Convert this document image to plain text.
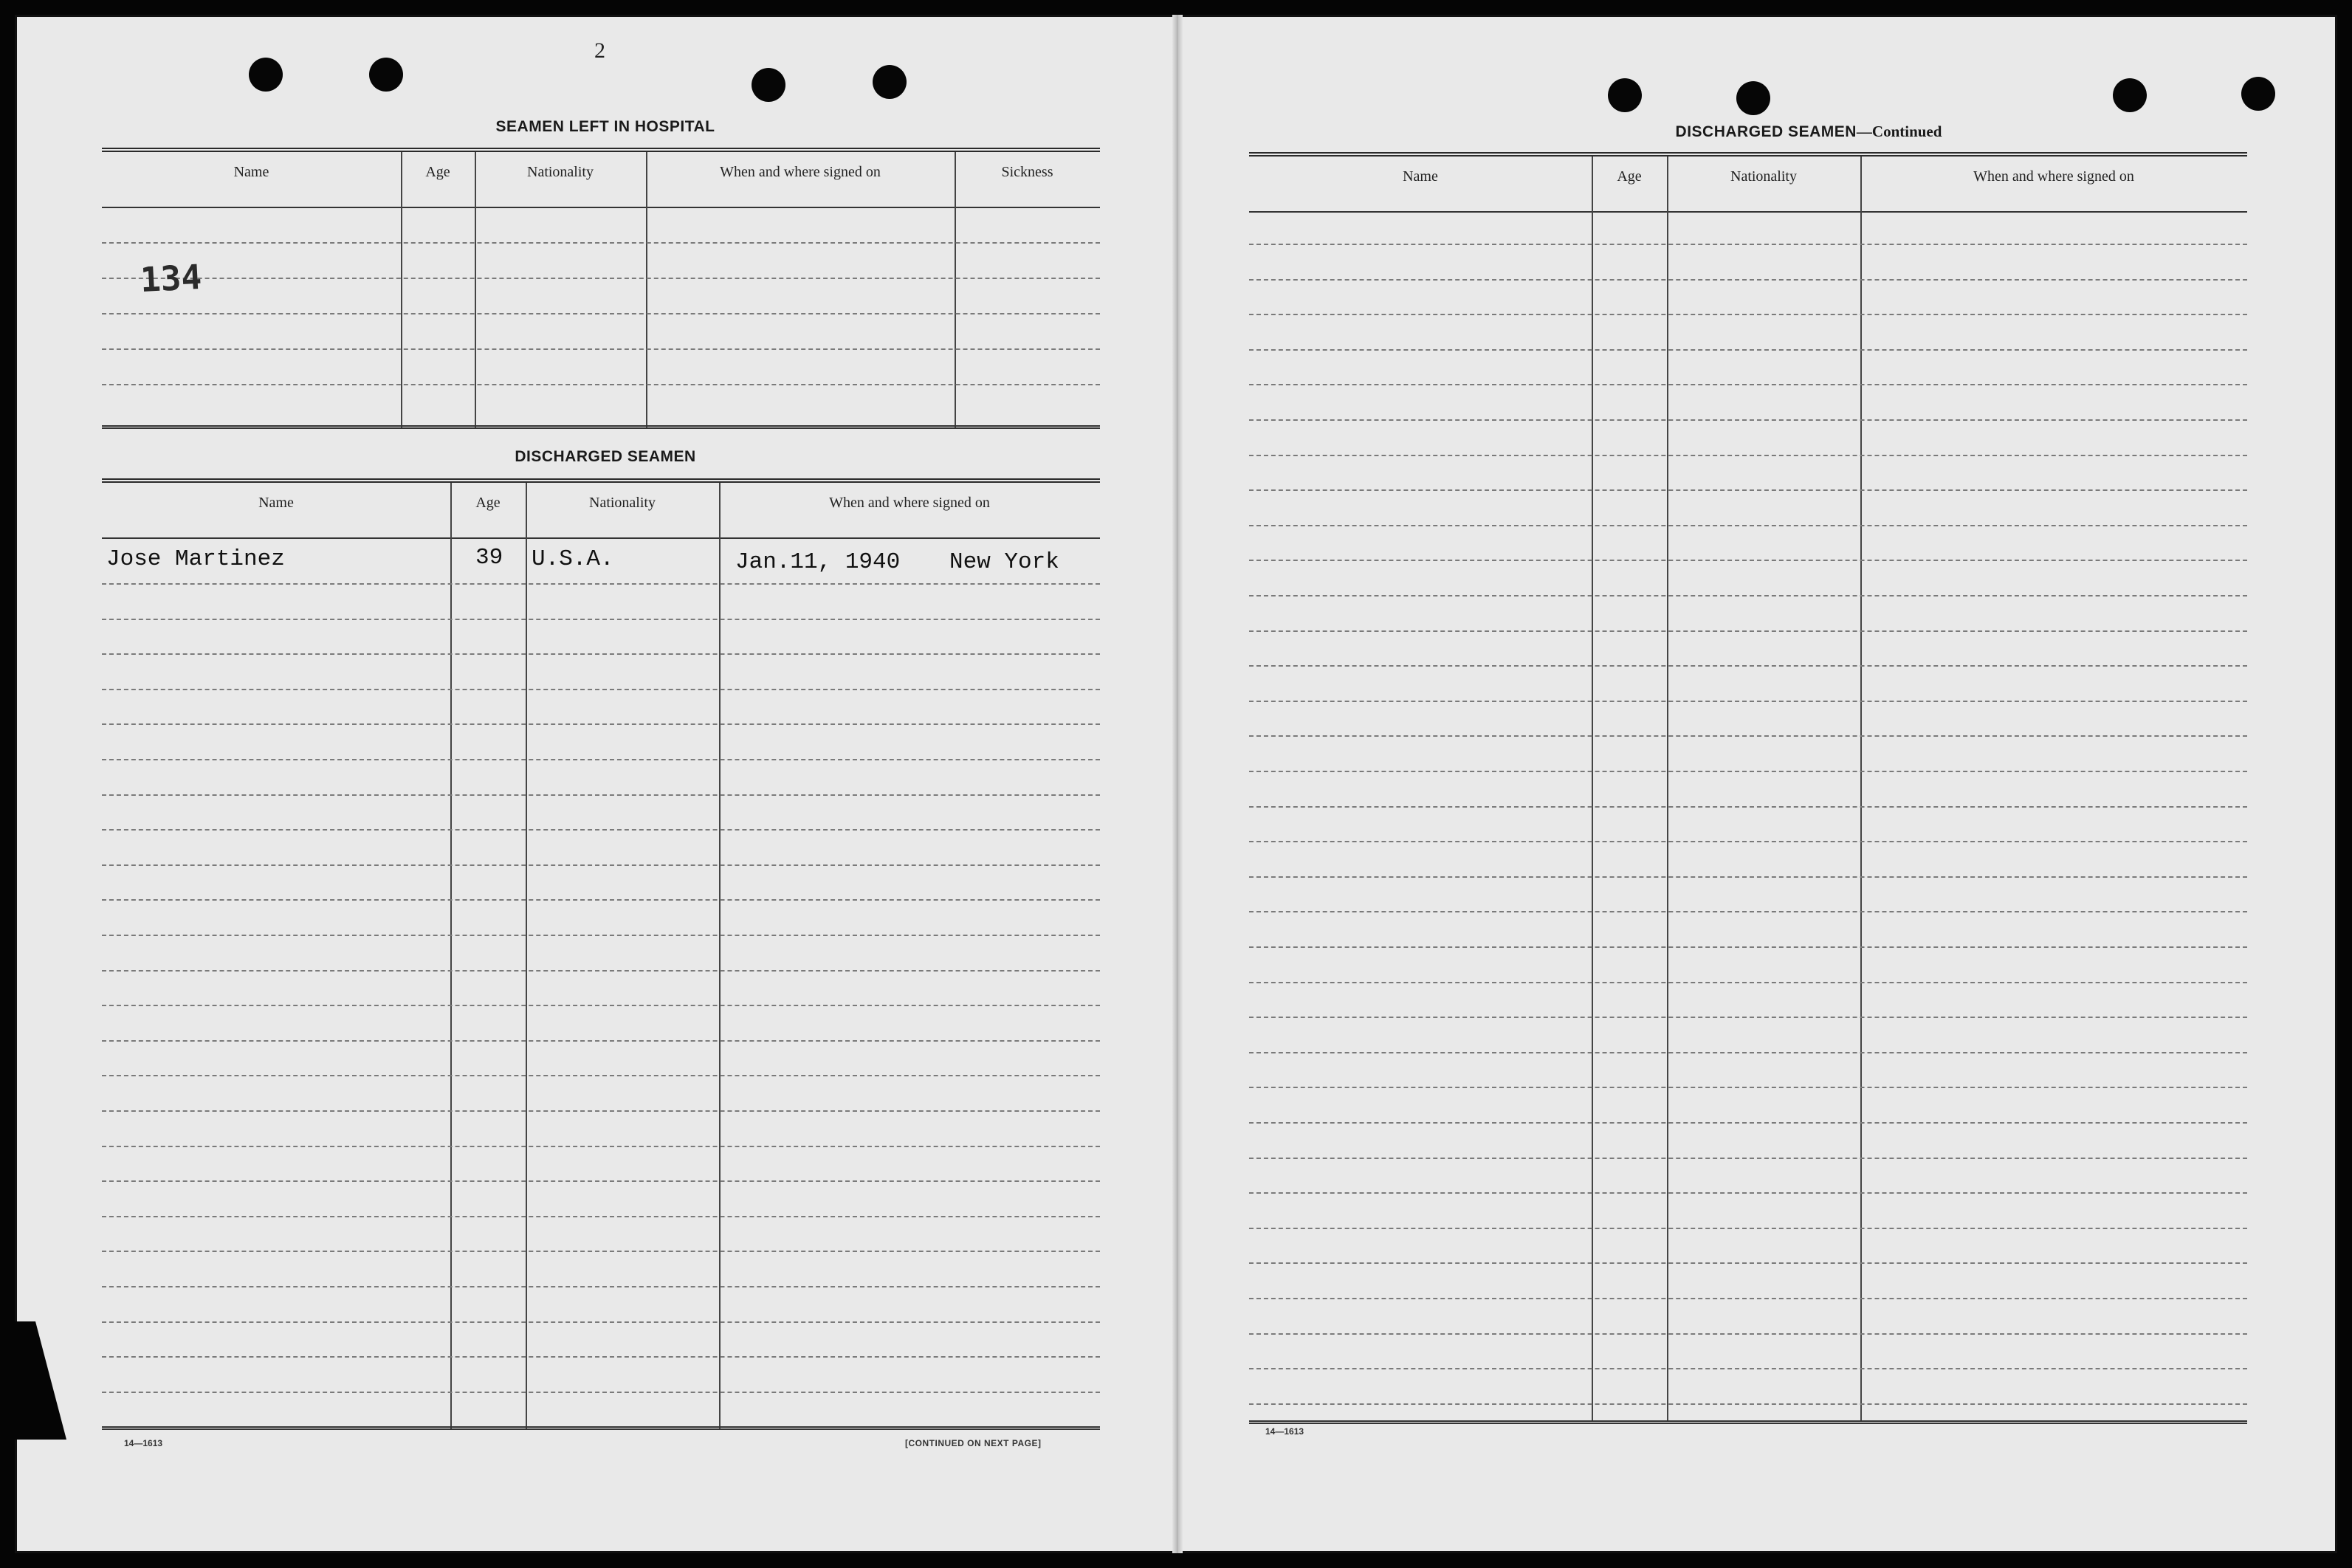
2
SEAMEN LEFT IN HOSPITAL
Name	Age	Nationality	When and where signed on	Sickness
134
DISCHARGED SEAMEN
Name	Age	Nationality	When and where signed on
Jose Martinez	39 U.S.A.	Jan.11, 1940 New York
14—1613	[CONTINUED ON NEXT PAGE]
DISCHARGED SEAMEN—Continued
Name	Age	Nationality	When and where signed on
14—1613
